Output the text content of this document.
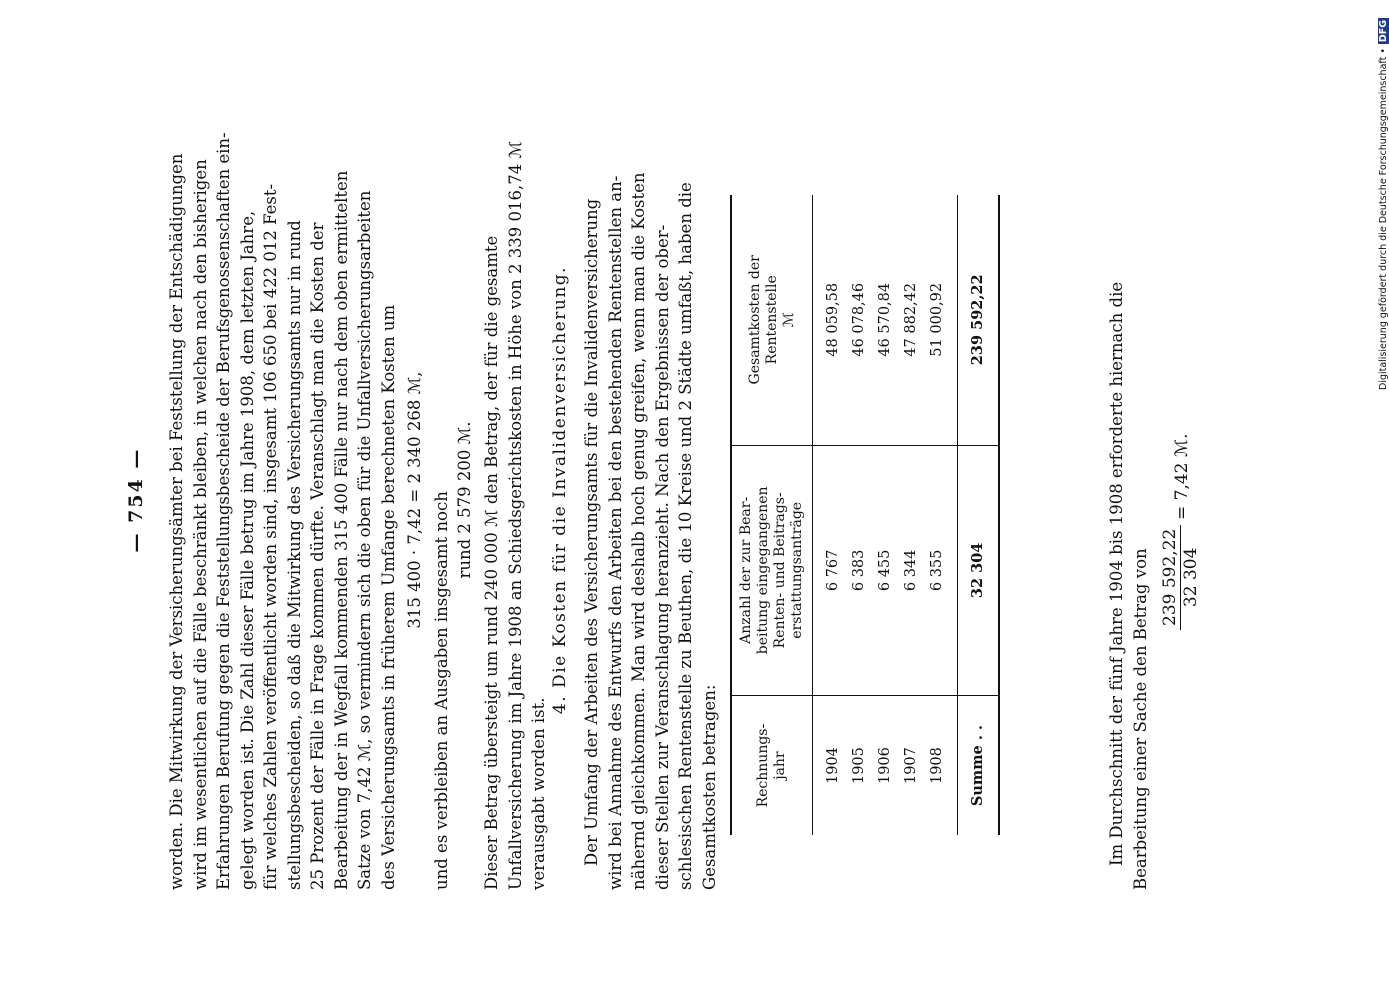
— 754 — worden. Die Mitwirkung der Versicherungsämter bei Feststellung der Entschädigungen wird im wesentlichen auf die Fälle beschränkt bleiben, in welchen nach den bisherigen Erfahrungen Berufung gegen die Feststellungsbescheide der Berufsgenossenschaften ein- gelegt worden ist. Die Zahl dieser Fälle betrug im Jahre 1908, dem letzten Jahre, für welches Zahlen veröffentlicht worden sind, insgesamt 106 650 bei 422 012 Fest- stellungsbescheiden, so daß die Mitwirkung des Versicherungsamts nur in rund 25 Prozent der Fälle in Frage kommen dürfte. Veranschlagt man die Kosten der Bearbeitung der in Wegfall kommenden 315 400 Fälle nur nach dem oben ermittelten Satze von 7,42 ℳ, so vermindern sich die oben für die Unfallversicherungsarbeiten des Versicherungsamts in früherem Umfange berechneten Kosten um 315 400 · 7,42 = 2 340 268 ℳ, und es verbleiben an Ausgaben insgesamt noch rund 2 579 200 ℳ. Dieser Betrag übersteigt um rund 240 000 ℳ den Betrag, der für die gesamte Unfallversicherung im Jahre 1908 an Schiedsgerichtskosten in Höhe von 2 339 016,74 ℳ verausgabt worden ist.
4. Die Kosten für die Invalidenversicherung. Der Umfang der Arbeiten des Versicherungsamts für die Invalidenversicherung wird bei Annahme des Entwurfs den Arbeiten bei den bestehenden Rentenstellen an- nähernd gleichkommen. Man wird deshalb hoch genug greifen, wenn man die Kosten dieser Stellen zur Veranschlagung heranzieht. Nach den Ergebnissen der ober- schlesischen Rentenstelle zu Beuthen, die 10 Kreise und 2 Städte umfaßt, haben die Gesamtkosten betragen:	Rechnungs-
jahr	Anzahl der zur Bear-
beitung eingegangenen
Renten- und Beitrags-
erstattungsanträge	Gesamtkosten der
Rentenstelle
ℳ
1904	6 767	48 059,58
1905	6 383	46 078,46
1906	6 455	46 570,84
1907	6 344	47 882,42
1908	6 355	51 000,92
Summe . .	32 304	239 592,22	Im Durchschnitt der fünf Jahre 1904 bis 1908 erforderte hiernach die Bearbeitung einer Sache den Betrag von 239 592,22 32 304
= 7,42 ℳ.
Digitalisierung gefördert durch die Deutsche Forschungsgemeinschaft •DFG
